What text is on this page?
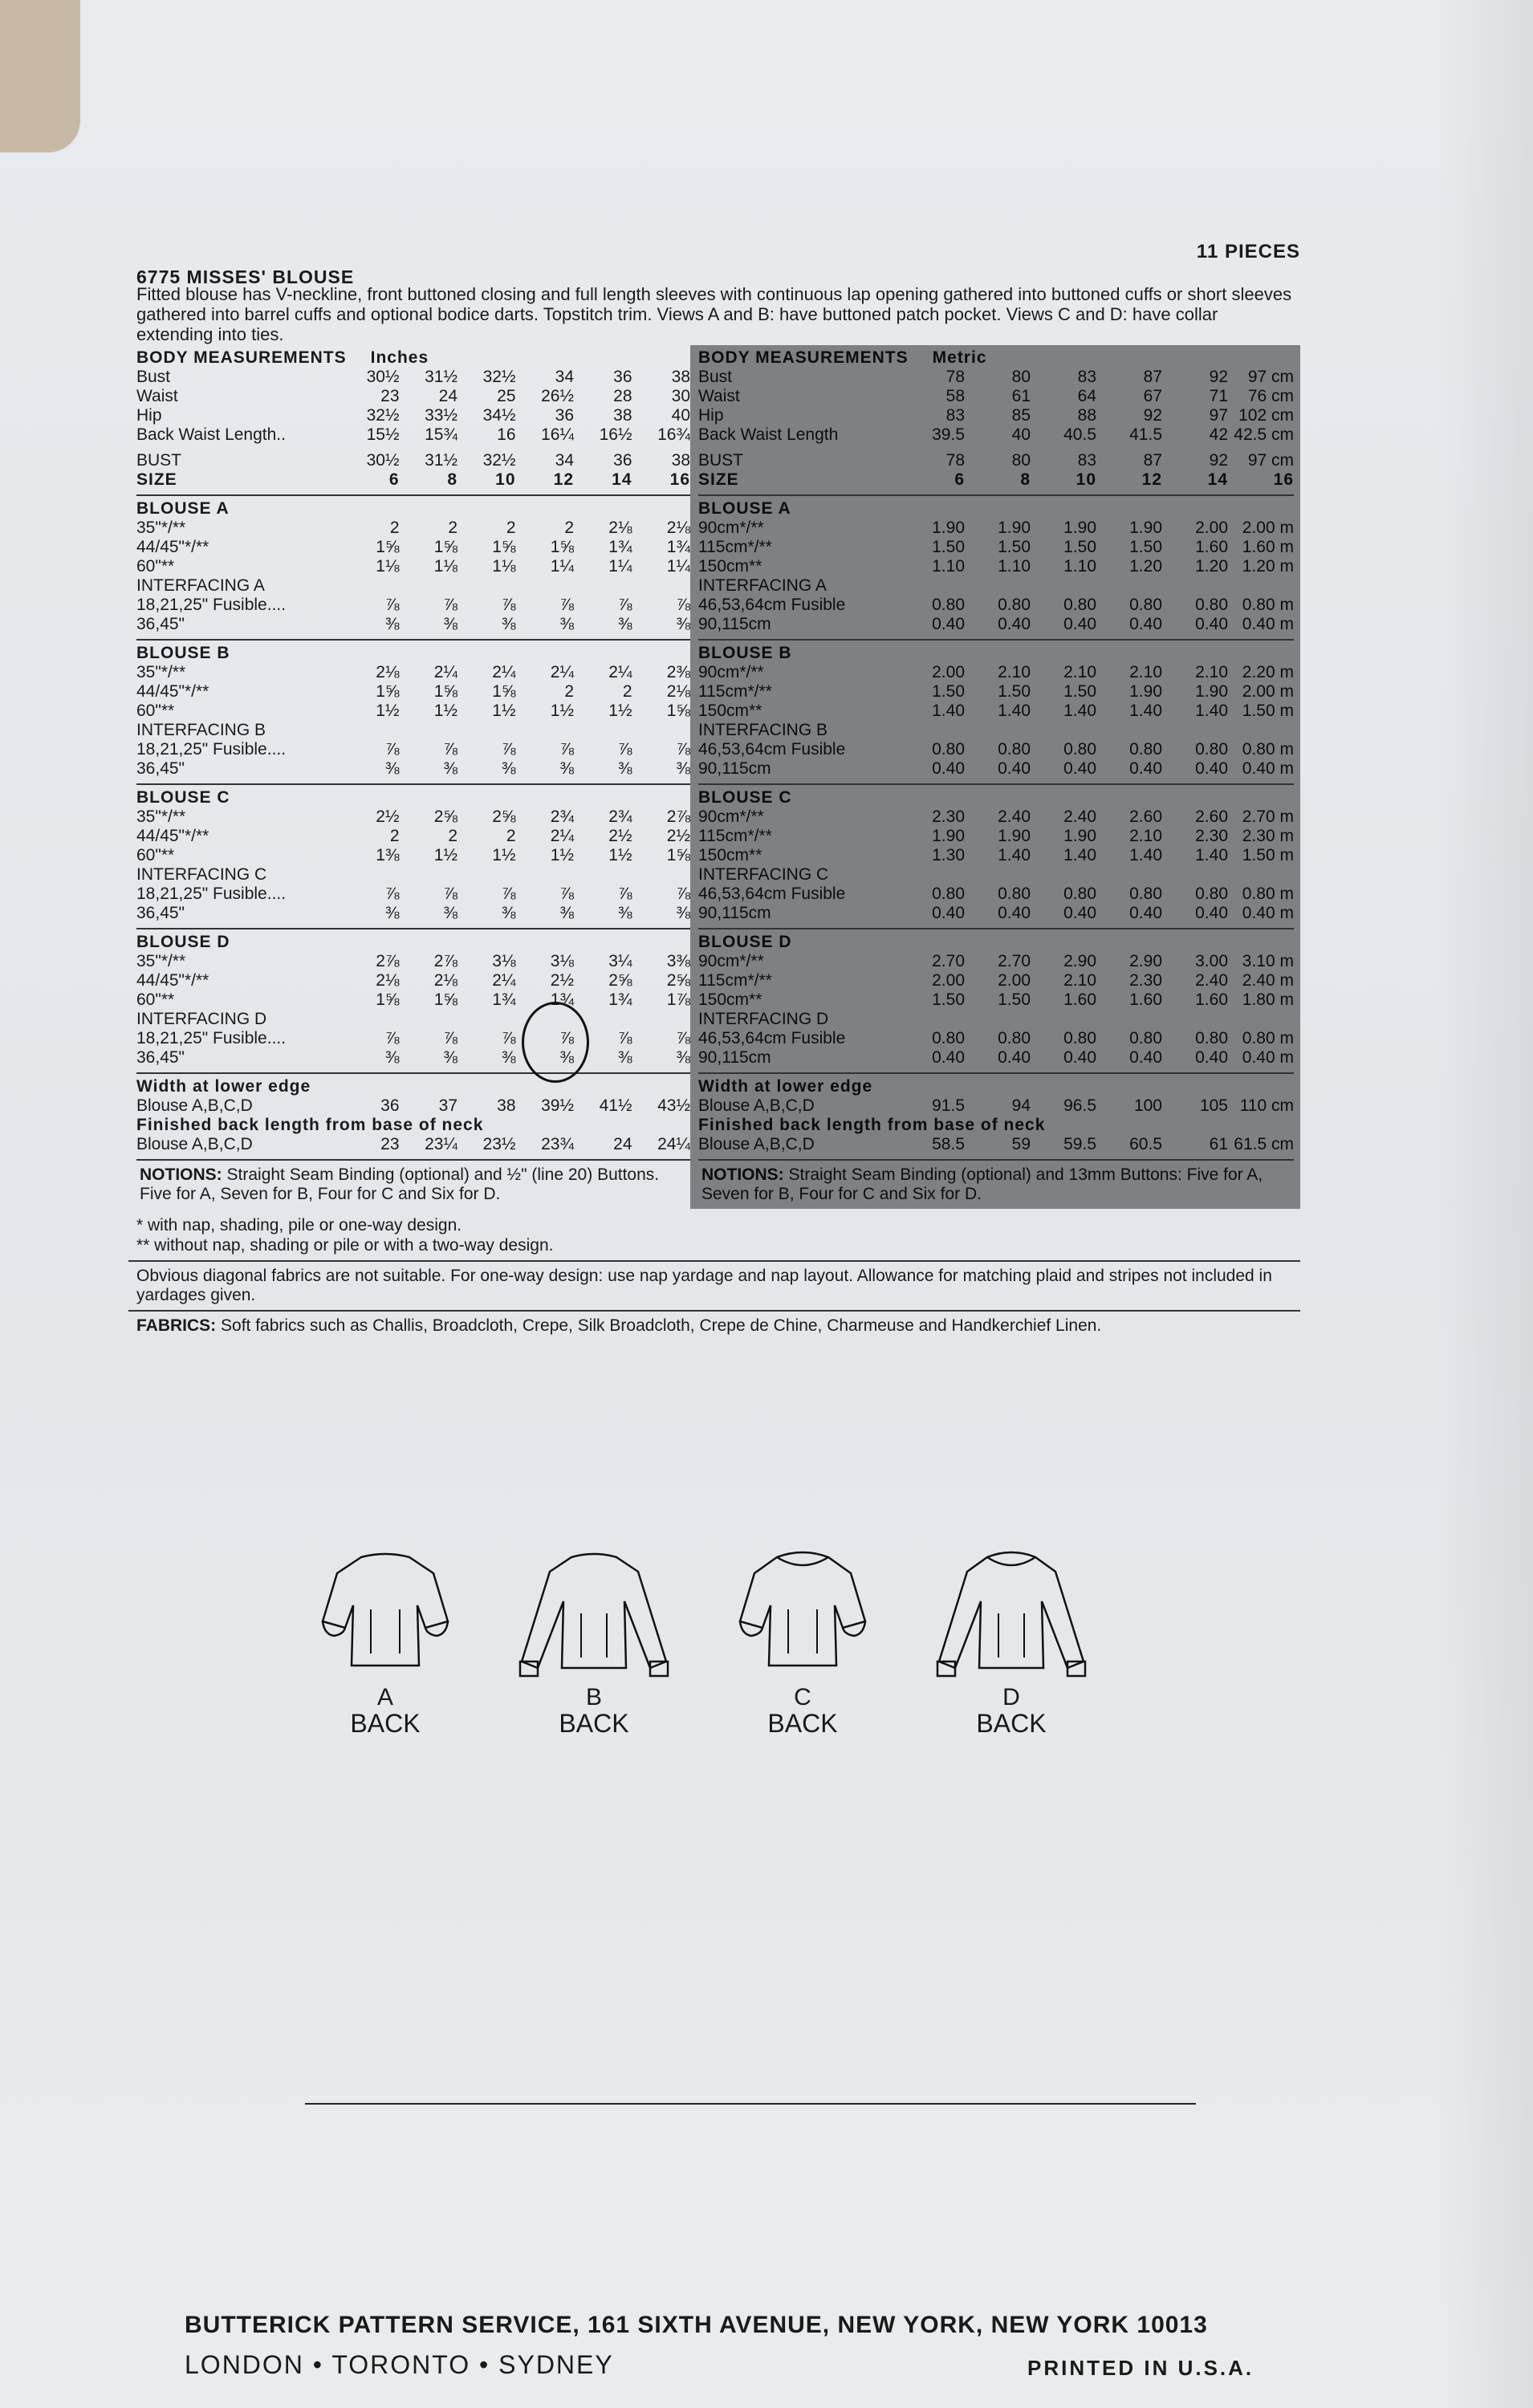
11 PIECES
6775 MISSES' BLOUSE
Fitted blouse has V-neckline, front buttoned closing and full length sleeves with continuous lap opening gathered into buttoned cuffs or short sleeves gathered into barrel cuffs and optional bodice darts. Topstitch trim. Views A and B: have buttoned patch pocket. Views C and D: have collar extending into ties.
BODY MEASUREMENTS Inches
Bust	30½	31½	32½	34	36	38
Waist	23	24	25	26½	28	30
Hip	32½	33½	34½	36	38	40
Back Waist Length..	15½	15¾	16	16¼	16½	16¾
BUST	30½	31½	32½	34	36	38
SIZE	6	8	10	12	14	16
BLOUSE A
35"*/**	2	2	2	2	2⅛	2⅛
44/45"*/**	1⅝	1⅝	1⅝	1⅝	1¾	1¾
60"**	1⅛	1⅛	1⅛	1¼	1¼	1¼
INTERFACING A
18,21,25" Fusible....	⅞	⅞	⅞	⅞	⅞	⅞
36,45"	⅜	⅜	⅜	⅜	⅜	⅜
BLOUSE B
35"*/**	2⅛	2¼	2¼	2¼	2¼	2⅜
44/45"*/**	1⅝	1⅝	1⅝	2	2	2⅛
60"**	1½	1½	1½	1½	1½	1⅝
INTERFACING B
18,21,25" Fusible....	⅞	⅞	⅞	⅞	⅞	⅞
36,45"	⅜	⅜	⅜	⅜	⅜	⅜
BLOUSE C
35"*/**	2½	2⅝	2⅝	2¾	2¾	2⅞
44/45"*/**	2	2	2	2¼	2½	2½
60"**	1⅜	1½	1½	1½	1½	1⅝
INTERFACING C
18,21,25" Fusible....	⅞	⅞	⅞	⅞	⅞	⅞
36,45"	⅜	⅜	⅜	⅜	⅜	⅜
BLOUSE D
35"*/**	2⅞	2⅞	3⅛	3⅛	3¼	3⅜
44/45"*/**	2⅛	2⅛	2¼	2½	2⅝	2⅝
60"**	1⅝	1⅝	1¾	1¾	1¾	1⅞
INTERFACING D
18,21,25" Fusible....	⅞	⅞	⅞	⅞	⅞	⅞
36,45"	⅜	⅜	⅜	⅜	⅜	⅜
Width at lower edge
Blouse A,B,C,D	36	37	38	39½	41½	43½
Finished back length from base of neck
Blouse A,B,C,D	23	23¼	23½	23¾	24	24¼
NOTIONS: Straight Seam Binding (optional) and ½" (line 20) Buttons. Five for A, Seven for B, Four for C and Six for D.
BODY MEASUREMENTS Metric
Bust	78	80	83	87	92	97 cm
Waist	58	61	64	67	71	76 cm
Hip	83	85	88	92	97 102 cm
Back Waist Length	39.5	40	40.5	41.5	42 42.5 cm
BUST	78	80	83	87	92	97 cm
SIZE	6	8	10	12	14	16
BLOUSE A
90cm*/**	1.90	1.90	1.90	1.90	2.00 2.00 m
115cm*/**	1.50	1.50	1.50	1.50	1.60 1.60 m
150cm**	1.10	1.10	1.10	1.20	1.20 1.20 m
INTERFACING A
46,53,64cm Fusible	0.80	0.80	0.80	0.80	0.80 0.80 m
90,115cm	0.40	0.40	0.40	0.40	0.40 0.40 m
BLOUSE B
90cm*/**	2.00	2.10	2.10	2.10	2.10 2.20 m
115cm*/**	1.50	1.50	1.50	1.90	1.90 2.00 m
150cm**	1.40	1.40	1.40	1.40	1.40 1.50 m
INTERFACING B
46,53,64cm Fusible	0.80	0.80	0.80	0.80	0.80 0.80 m
90,115cm	0.40	0.40	0.40	0.40	0.40 0.40 m
BLOUSE C
90cm*/**	2.30	2.40	2.40	2.60	2.60 2.70 m
115cm*/**	1.90	1.90	1.90	2.10	2.30 2.30 m
150cm**	1.30	1.40	1.40	1.40	1.40 1.50 m
INTERFACING C
46,53,64cm Fusible	0.80	0.80	0.80	0.80	0.80 0.80 m
90,115cm	0.40	0.40	0.40	0.40	0.40 0.40 m
BLOUSE D
90cm*/**	2.70	2.70	2.90	2.90	3.00 3.10 m
115cm*/**	2.00	2.00	2.10	2.30	2.40 2.40 m
150cm**	1.50	1.50	1.60	1.60	1.60 1.80 m
INTERFACING D
46,53,64cm Fusible	0.80	0.80	0.80	0.80	0.80 0.80 m
90,115cm	0.40	0.40	0.40	0.40	0.40 0.40 m
Width at lower edge
Blouse A,B,C,D	91.5	94	96.5	100	105 110 cm
Finished back length from base of neck
Blouse A,B,C,D	58.5	59	59.5	60.5	61 61.5 cm
NOTIONS: Straight Seam Binding (optional) and 13mm Buttons: Five for A, Seven for B, Four for C and Six for D.
* with nap, shading, pile or one-way design.
** without nap, shading or pile or with a two-way design.
Obvious diagonal fabrics are not suitable. For one-way design: use nap yardage and nap layout. Allowance for matching plaid and stripes not included in yardages given.
FABRICS: Soft fabrics such as Challis, Broadcloth, Crepe, Silk Broadcloth, Crepe de Chine, Charmeuse and Handkerchief Linen.
A
BACK
B
BACK
C
BACK
D
BACK
BUTTERICK PATTERN SERVICE, 161 SIXTH AVENUE, NEW YORK, NEW YORK 10013
LONDON • TORONTO • SYDNEY	PRINTED IN U.S.A.
